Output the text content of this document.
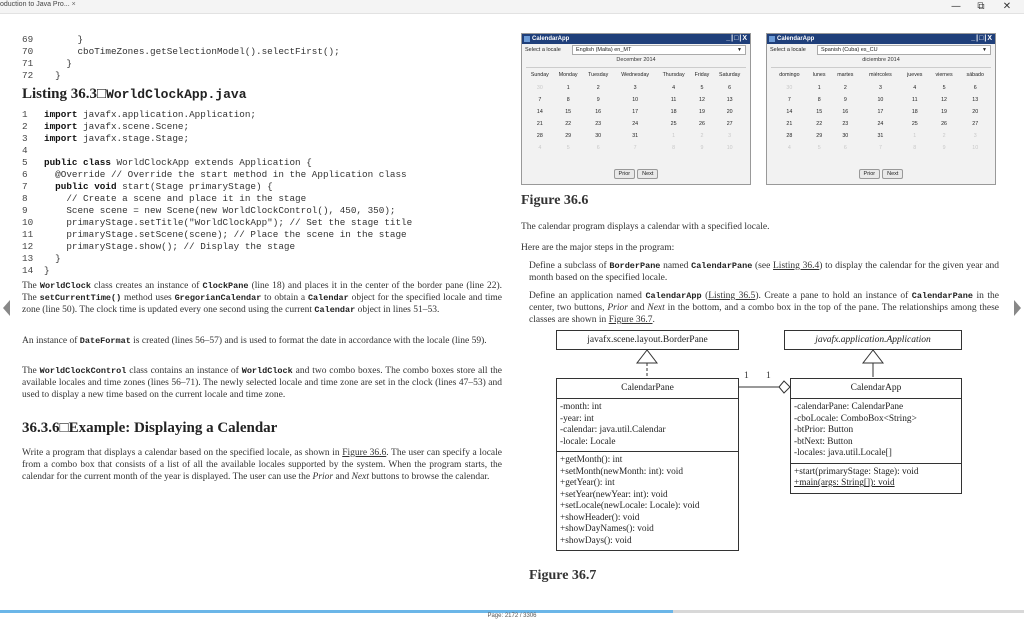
oduction to Java Pro... ×	—	⧉	✕
69      }
70      cboTimeZones.getSelectionModel().selectFirst();
71    }
72  }
Listing 36.3□WorldClockApp.java
1 import javafx.application.Application;
2 import javafx.scene.Scene;
3 import javafx.stage.Stage;
4
5 public class WorldClockApp extends Application {
6  @Override // Override the start method in the Application class
7  public void start(Stage primaryStage) {
8    // Create a scene and place it in the stage
9    Scene scene = new Scene(new WorldClockControl(), 450, 350);
10    primaryStage.setTitle("WorldClockApp"); // Set the stage title
11    primaryStage.setScene(scene); // Place the scene in the stage
12    primaryStage.show(); // Display the stage
13  }
14 }
The WorldClock class creates an instance of ClockPane (line 18) and places it in the center of the border pane (line 22). The setCurrentTime() method uses GregorianCalendar to obtain a Calendar object for the specified locale and time zone (line 50). The clock time is updated every one second using the current Calendar object in lines 51–53.
An instance of DateFormat is created (lines 56–57) and is used to format the date in accordance with the locale (line 59).
The WorldClockControl class contains an instance of WorldClock and two combo boxes. The combo boxes store all the available locales and time zones (lines 56–71). The newly selected locale and time zone are set in the clock (lines 47–53) and used to display a new time based on the current locale and time zone.
36.3.6□Example: Displaying a Calendar
Write a program that displays a calendar based on the specified locale, as shown in Figure 36.6. The user can specify a locale from a combo box that consists of a list of all the available locales supported by the system. When the program starts, the calendar for the current month of the year is displayed. The user can use the Prior and Next buttons to browse the calendar.
CalendarApp	_|□|X
Select a locale	English (Malta) en_MT	▼
December 2014
Sunday	Monday	Tuesday	Wednesday	Thursday	Friday	Saturday
30	1	2	3	4	5	6
7	8	9	10	11	12	13
14	15	16	17	18	19	20
21	22	23	24	25	26	27
28	29	30	31	1	2	3
4	5	6	7	8	9	10
Prior Next
CalendarApp	_|□|X
Select a locale	Spanish (Cuba) es_CU	▼
diciembre 2014
domingo	lunes	martes	miércoles	jueves	viernes	sábado
30	1	2	3	4	5	6
7	8	9	10	11	12	13
14	15	16	17	18	19	20
21	22	23	24	25	26	27
28	29	30	31	1	2	3
4	5	6	7	8	9	10
Prior Next
Figure 36.6
The calendar program displays a calendar with a specified locale.
Here are the major steps in the program:
Define a subclass of BorderPane named CalendarPane (see Listing 36.4) to display the calendar for the given year and month based on the specified locale.
Define an application named CalendarApp (Listing 36.5). Create a pane to hold an instance of CalendarPane in the center, two buttons, Prior and Next in the bottom, and a combo box in the top of the pane. The relationships among these classes are shown in Figure 36.7.
javafx.scene.layout.BorderPane	javafx.application.Application
CalendarPane
-month: int
-year: int
-calendar: java.util.Calendar
-locale: Locale
+getMonth(): int
+setMonth(newMonth: int): void
+getYear(): int
+setYear(newYear: int): void
+setLocale(newLocale: Locale): void
+showHeader(): void
+showDayNames(): void
+showDays(): void
CalendarApp
-calendarPane: CalendarPane
-cboLocale: ComboBox<String>
-btPrior: Button
-btNext: Button
-locales: java.util.Locale[]
+start(primaryStage: Stage): void
+main(args: String[]): void
1 1
Figure 36.7
Page: 2172 / 3306
